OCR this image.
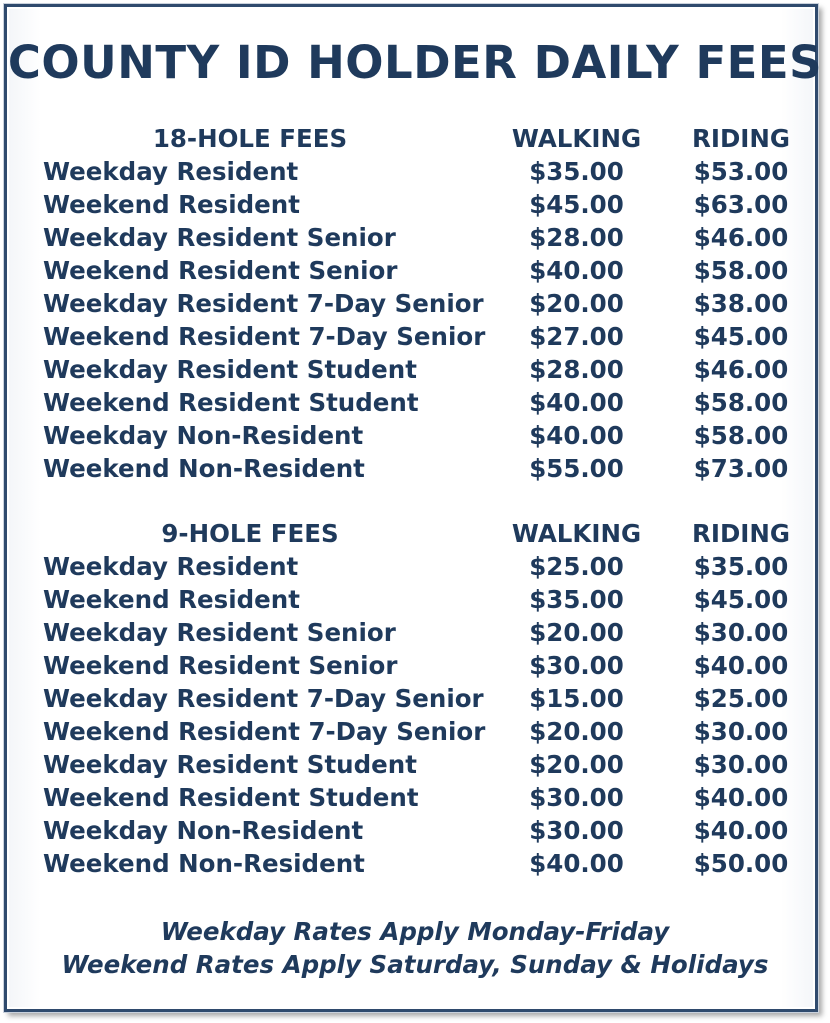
COUNTY ID HOLDER DAILY FEES
18-HOLE FEES	WALKING	RIDING
Weekday Resident	$35.00	$53.00
Weekend Resident	$45.00	$63.00
Weekday Resident Senior	$28.00	$46.00
Weekend Resident Senior	$40.00	$58.00
Weekday Resident 7-Day Senior	$20.00	$38.00
Weekend Resident 7-Day Senior	$27.00	$45.00
Weekday Resident Student	$28.00	$46.00
Weekend Resident Student	$40.00	$58.00
Weekday Non-Resident	$40.00	$58.00
Weekend Non-Resident	$55.00	$73.00
9-HOLE FEES	WALKING	RIDING
Weekday Resident	$25.00	$35.00
Weekend Resident	$35.00	$45.00
Weekday Resident Senior	$20.00	$30.00
Weekend Resident Senior	$30.00	$40.00
Weekday Resident 7-Day Senior	$15.00	$25.00
Weekend Resident 7-Day Senior	$20.00	$30.00
Weekday Resident Student	$20.00	$30.00
Weekend Resident Student	$30.00	$40.00
Weekday Non-Resident	$30.00	$40.00
Weekend Non-Resident	$40.00	$50.00
Weekday Rates Apply Monday-Friday
Weekend Rates Apply Saturday, Sunday & Holidays
